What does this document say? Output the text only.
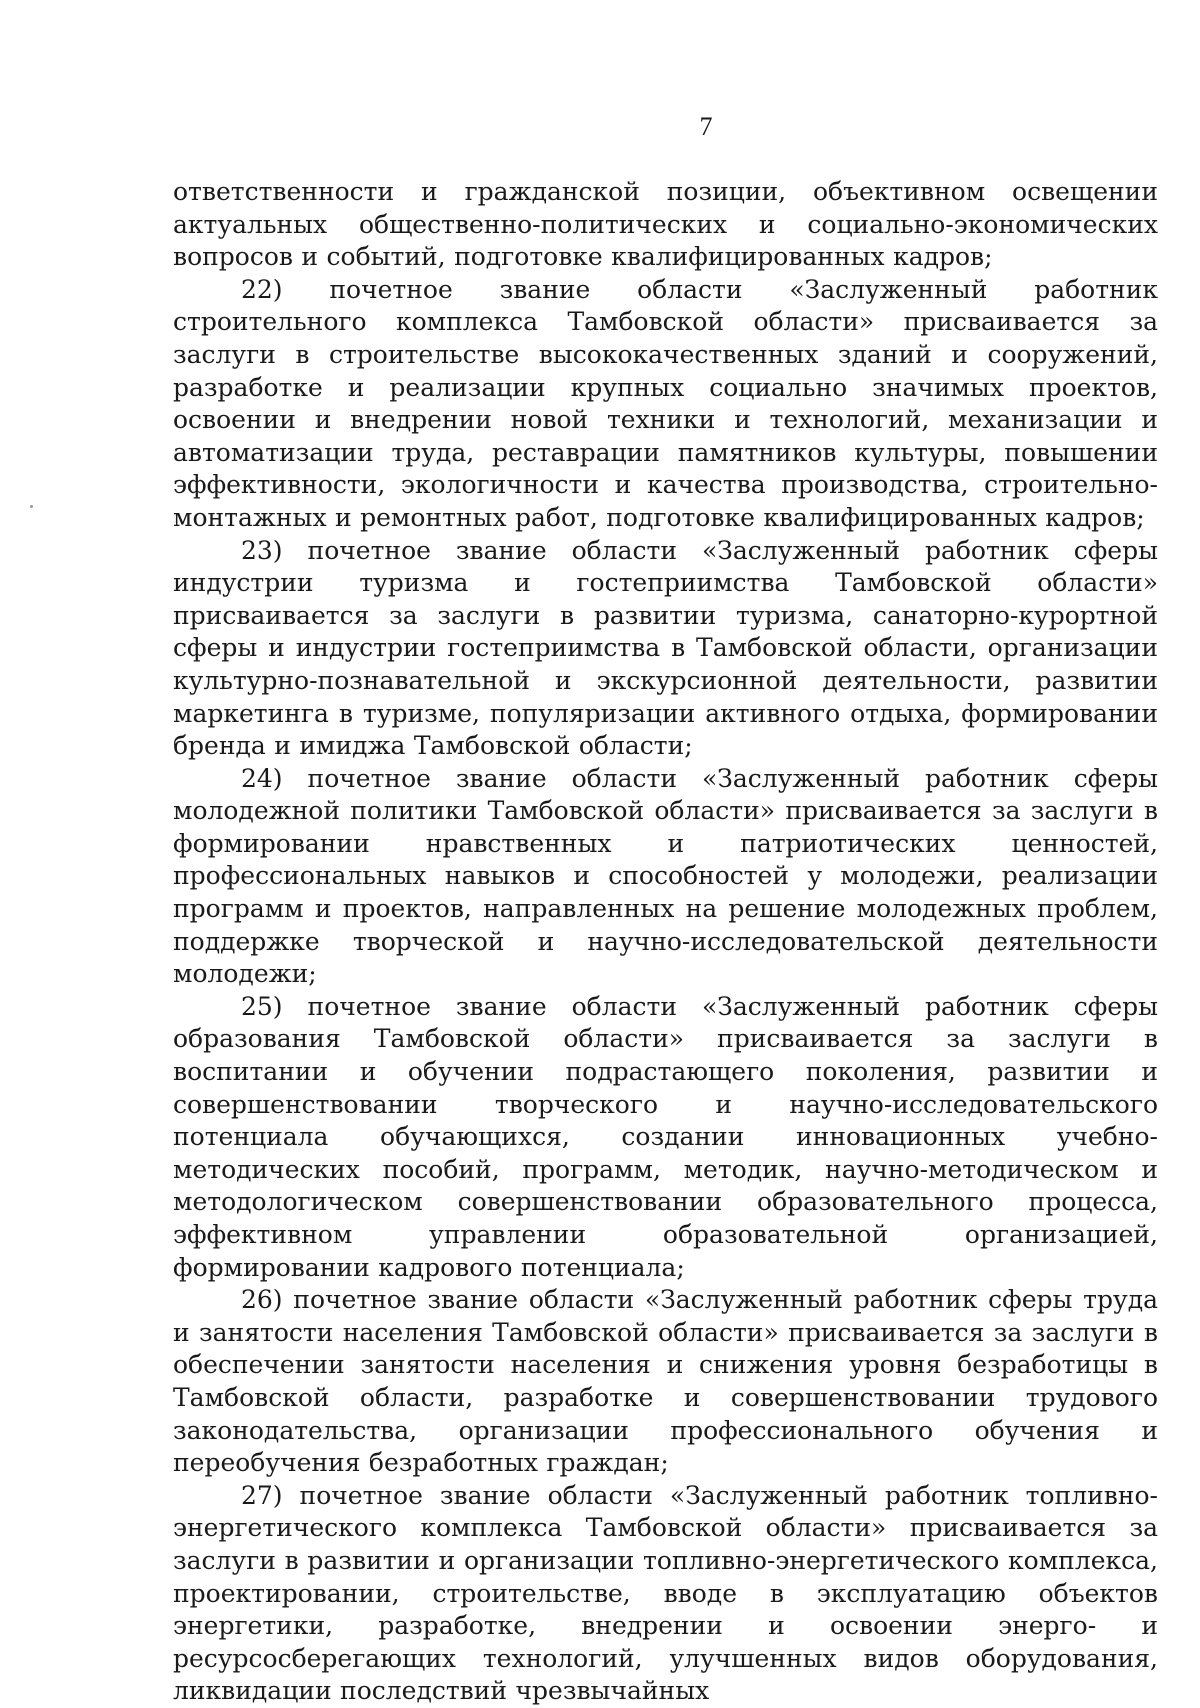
7

ответственности и гражданской позиции, объективном освещении актуальных общественно-политических и социально-экономических вопросов и событий, подготовке квалифицированных кадров;

22) почетное звание области «Заслуженный работник строительного комплекса Тамбовской области» присваивается за заслуги в строительстве высококачественных зданий и сооружений, разработке и реализации крупных социально значимых проектов, освоении и внедрении новой техники и технологий, механизации и автоматизации труда, реставрации памятников культуры, повышении эффективности, экологичности и качества производства, строительно-монтажных и ремонтных работ, подготовке квалифицированных кадров;

23) почетное звание области «Заслуженный работник сферы индустрии туризма и гостеприимства Тамбовской области» присваивается за заслуги в развитии туризма, санаторно-курортной сферы и индустрии гостеприимства в Тамбовской области, организации культурно-познавательной и экскурсионной деятельности, развитии маркетинга в туризме, популяризации активного отдыха, формировании бренда и имиджа Тамбовской области;

24) почетное звание области «Заслуженный работник сферы молодежной политики Тамбовской области» присваивается за заслуги в формировании нравственных и патриотических ценностей, профессиональных навыков и способностей у молодежи, реализации программ и проектов, направленных на решение молодежных проблем, поддержке творческой и научно-исследовательской деятельности молодежи;

25) почетное звание области «Заслуженный работник сферы образования Тамбовской области» присваивается за заслуги в воспитании и обучении подрастающего поколения, развитии и совершенствовании творческого и научно-исследовательского потенциала обучающихся, создании инновационных учебно-методических пособий, программ, методик, научно-методическом и методологическом совершенствовании образовательного процесса, эффективном управлении образовательной организацией, формировании кадрового потенциала;

26) почетное звание области «Заслуженный работник сферы труда и занятости населения Тамбовской области» присваивается за заслуги в обеспечении занятости населения и снижения уровня безработицы в Тамбовской области, разработке и совершенствовании трудового законодательства, организации профессионального обучения и переобучения безработных граждан;

27) почетное звание области «Заслуженный работник топливно-энергетического комплекса Тамбовской области» присваивается за заслуги в развитии и организации топливно-энергетического комплекса, проектировании, строительстве, вводе в эксплуатацию объектов энергетики, разработке, внедрении и освоении энерго- и ресурсосберегающих технологий, улучшенных видов оборудования, ликвидации последствий чрезвычайных
